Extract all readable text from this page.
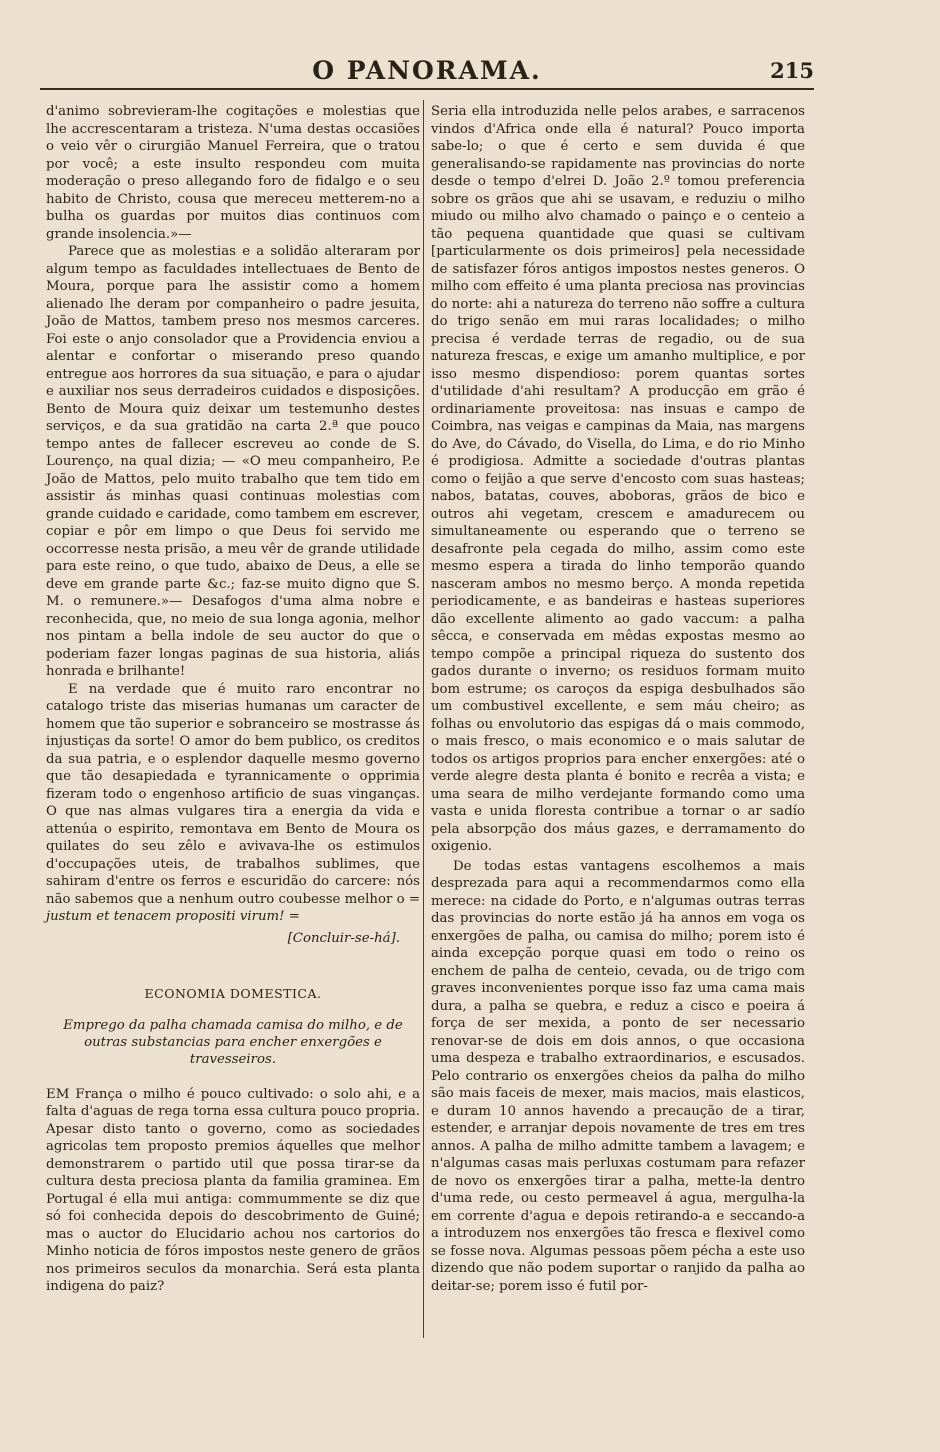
O PANORAMA.	215

d'animo sobrevieram-lhe cogitações e molestias que lhe accrescentaram a tristeza. N'uma destas occasiões o veio vêr o cirurgião Manuel Ferreira, que o tratou por você; a este insulto respondeu com muita moderação o preso allegando foro de fidalgo e o seu habito de Christo, cousa que mereceu metterem-no a bulha os guardas por muitos dias continuos com grande insolencia.»—

Parece que as molestias e a solidão alteraram por algum tempo as faculdades intellectuaes de Bento de Moura, porque para lhe assistir como a homem alienado lhe deram por companheiro o padre jesuita, João de Mattos, tambem preso nos mesmos carceres. Foi este o anjo consolador que a Providencia enviou a alentar e confortar o miserando preso quando entregue aos horrores da sua situação, e para o ajudar e auxiliar nos seus derradeiros cuidados e disposições. Bento de Moura quiz deixar um testemunho destes serviços, e da sua gratidão na carta 2.ª que pouco tempo antes de fallecer escreveu ao conde de S. Lourenço, na qual dizia; — «O meu companheiro, P.e João de Mattos, pelo muito trabalho que tem tido em assistir ás minhas quasi continuas molestias com grande cuidado e caridade, como tambem em escrever, copiar e pôr em limpo o que Deus foi servido me occorresse nesta prisão, a meu vêr de grande utilidade para este reino, o que tudo, abaixo de Deus, a elle se deve em grande parte &c.; faz-se muito digno que S. M. o remunere.»— Desafogos d'uma alma nobre e reconhecida, que, no meio de sua longa agonia, melhor nos pintam a bella indole de seu auctor do que o poderiam fazer longas paginas de sua historia, aliás honrada e brilhante!

E na verdade que é muito raro encontrar no catalogo triste das miserias humanas um caracter de homem que tão superior e sobranceiro se mostrasse ás injustiças da sorte! O amor do bem publico, os creditos da sua patria, e o esplendor daquelle mesmo governo que tão desapiedada e tyrannicamente o opprimia fizeram todo o engenhoso artificio de suas vinganças. O que nas almas vulgares tira a energia da vida e attenúa o espirito, remontava em Bento de Moura os quilates do seu zêlo e avivava-lhe os estimulos d'occupações uteis, de trabalhos sublimes, que sahiram d'entre os ferros e escuridão do carcere: nós não sabemos que a nenhum outro coubesse melhor o = justum et tenacem propositi virum! =

[Concluir-se-há].
ECONOMIA DOMESTICA.
Emprego da palha chamada camisa do milho, e de outras substancias para encher enxergões e travesseiros.

EM França o milho é pouco cultivado: o solo ahi, e a falta d'aguas de rega torna essa cultura pouco propria. Apesar disto tanto o governo, como as sociedades agricolas tem proposto premios áquelles que melhor demonstrarem o partido util que possa tirar-se da cultura desta preciosa planta da familia graminea. Em Portugal é ella mui antiga: commummente se diz que só foi conhecida depois do descobrimento de Guiné; mas o auctor do Elucidario achou nos cartorios do Minho noticia de fóros impostos neste genero de grãos nos primeiros seculos da monarchia. Será esta planta indigena do paiz?

Seria ella introduzida nelle pelos arabes, e sarracenos vindos d'Africa onde ella é natural? Pouco importa sabe-lo; o que é certo e sem duvida é que generalisando-se rapidamente nas provincias do norte desde o tempo d'elrei D. João 2.º tomou preferencia sobre os grãos que ahi se usavam, e reduziu o milho miudo ou milho alvo chamado o painço e o centeio a tão pequena quantidade que quasi se cultivam [particularmente os dois primeiros] pela necessidade de satisfazer fóros antigos impostos nestes generos. O milho com effeito é uma planta preciosa nas provincias do norte: ahi a natureza do terreno não soffre a cultura do trigo senão em mui raras localidades; o milho precisa é verdade terras de regadio, ou de sua natureza frescas, e exige um amanho multiplice, e por isso mesmo dispendioso: porem quantas sortes d'utilidade d'ahi resultam? A producção em grão é ordinariamente proveitosa: nas insuas e campo de Coimbra, nas veigas e campinas da Maia, nas margens do Ave, do Cávado, do Visella, do Lima, e do rio Minho é prodigiosa. Admitte a sociedade d'outras plantas como o feijão a que serve d'encosto com suas hasteas; nabos, batatas, couves, aboboras, grãos de bico e outros ahi vegetam, crescem e amadurecem ou simultaneamente ou esperando que o terreno se desafronte pela cegada do milho, assim como este mesmo espera a tirada do linho temporão quando nasceram ambos no mesmo berço. A monda repetida periodicamente, e as bandeiras e hasteas superiores dão excellente alimento ao gado vaccum: a palha sêcca, e conservada em mêdas expostas mesmo ao tempo compõe a principal riqueza do sustento dos gados durante o inverno; os residuos formam muito bom estrume; os caroços da espiga desbulhados são um combustivel excellente, e sem máu cheiro; as folhas ou envolutorio das espigas dá o mais commodo, o mais fresco, o mais economico e o mais salutar de todos os artigos proprios para encher enxergões: até o verde alegre desta planta é bonito e recrêa a vista; e uma seara de milho verdejante formando como uma vasta e unida floresta contribue a tornar o ar sadío pela absorpção dos máus gazes, e derramamento do oxigenio.

De todas estas vantagens escolhemos a mais desprezada para aqui a recommendarmos como ella merece: na cidade do Porto, e n'algumas outras terras das provincias do norte estão já ha annos em voga os enxergões de palha, ou camisa do milho; porem isto é ainda excepção porque quasi em todo o reino os enchem de palha de centeio, cevada, ou de trigo com graves inconvenientes porque isso faz uma cama mais dura, a palha se quebra, e reduz a cisco e poeira á força de ser mexida, a ponto de ser necessario renovar-se de dois em dois annos, o que occasiona uma despeza e trabalho extraordinarios, e escusados. Pelo contrario os enxergões cheios da palha do milho são mais faceis de mexer, mais macios, mais elasticos, e duram 10 annos havendo a precaução de a tirar, estender, e arranjar depois novamente de tres em tres annos. A palha de milho admitte tambem a lavagem; e n'algumas casas mais perluxas costumam para refazer de novo os enxergões tirar a palha, mette-la dentro d'uma rede, ou cesto permeavel á agua, mergulha-la em corrente d'agua e depois retirando-a e seccando-a a introduzem nos enxergões tão fresca e flexivel como se fosse nova. Algumas pessoas põem pécha a este uso dizendo que não podem suportar o ranjido da palha ao deitar-se; porem isso é futil por-
